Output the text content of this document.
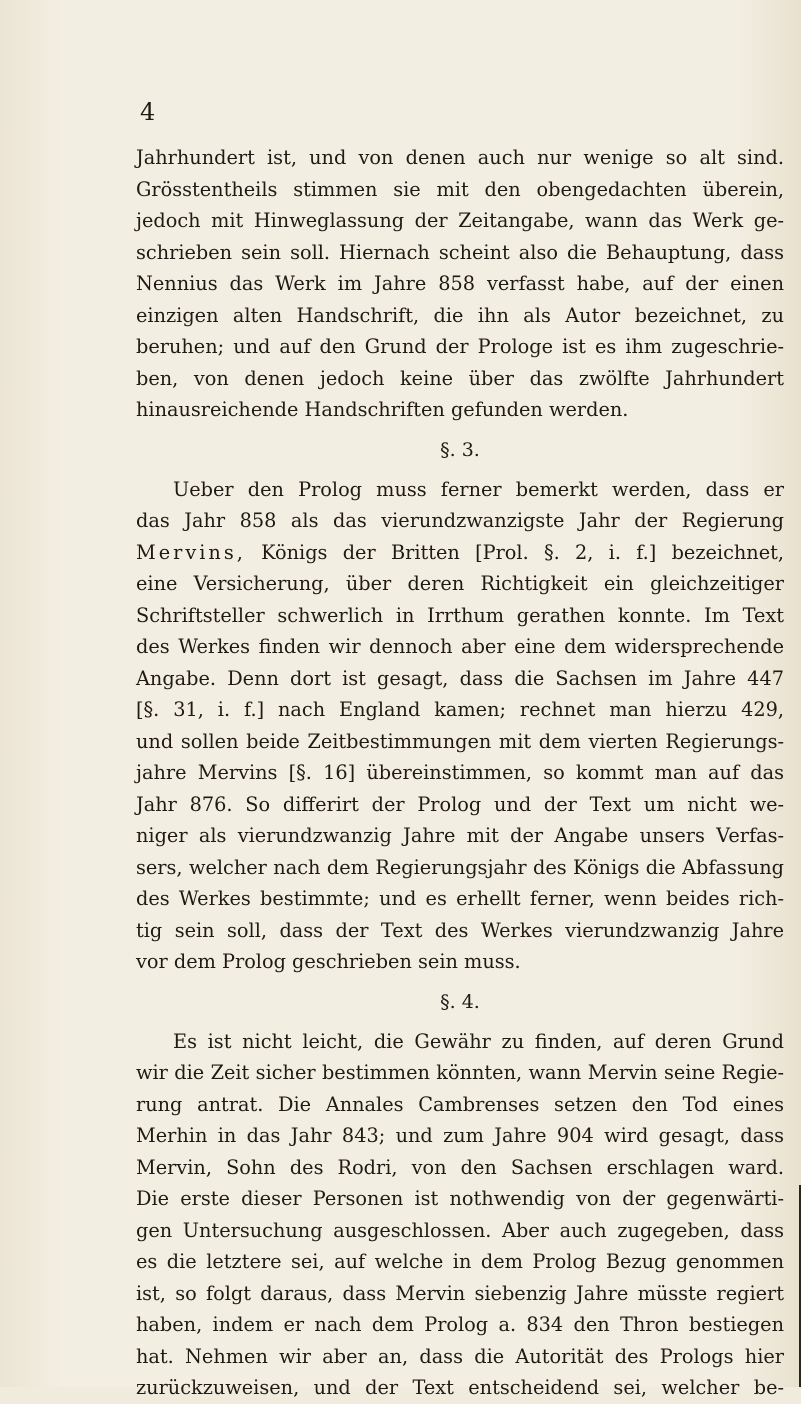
4
Jahrhundert ist, und von denen auch nur wenige so alt sind.
Grösstentheils stimmen sie mit den obengedachten überein,
jedoch mit Hinweglassung der Zeitangabe, wann das Werk ge-
schrieben sein soll. Hiernach scheint also die Behauptung, dass
Nennius das Werk im Jahre 858 verfasst habe, auf der einen
einzigen alten Handschrift, die ihn als Autor bezeichnet, zu
beruhen; und auf den Grund der Prologe ist es ihm zugeschrie-
ben, von denen jedoch keine über das zwölfte Jahrhundert
hinausreichende Handschriften gefunden werden.
§. 3.
Ueber den Prolog muss ferner bemerkt werden, dass er
das Jahr 858 als das vierundzwanzigste Jahr der Regierung
Mervins, Königs der Britten [Prol. §. 2, i. f.] bezeichnet,
eine Versicherung, über deren Richtigkeit ein gleichzeitiger
Schriftsteller schwerlich in Irrthum gerathen konnte. Im Text
des Werkes finden wir dennoch aber eine dem widersprechende
Angabe. Denn dort ist gesagt, dass die Sachsen im Jahre 447
[§. 31, i. f.] nach England kamen; rechnet man hierzu 429,
und sollen beide Zeitbestimmungen mit dem vierten Regierungs-
jahre Mervins [§. 16] übereinstimmen, so kommt man auf das
Jahr 876. So differirt der Prolog und der Text um nicht we-
niger als vierundzwanzig Jahre mit der Angabe unsers Verfas-
sers, welcher nach dem Regierungsjahr des Königs die Abfassung
des Werkes bestimmte; und es erhellt ferner, wenn beides rich-
tig sein soll, dass der Text des Werkes vierundzwanzig Jahre
vor dem Prolog geschrieben sein muss.
§. 4.
Es ist nicht leicht, die Gewähr zu finden, auf deren Grund
wir die Zeit sicher bestimmen könnten, wann Mervin seine Regie-
rung antrat. Die Annales Cambrenses setzen den Tod eines
Merhin in das Jahr 843; und zum Jahre 904 wird gesagt, dass
Mervin, Sohn des Rodri, von den Sachsen erschlagen ward.
Die erste dieser Personen ist nothwendig von der gegenwärti-
gen Untersuchung ausgeschlossen. Aber auch zugegeben, dass
es die letztere sei, auf welche in dem Prolog Bezug genommen
ist, so folgt daraus, dass Mervin siebenzig Jahre müsste regiert
haben, indem er nach dem Prolog a. 834 den Thron bestiegen
hat. Nehmen wir aber an, dass die Autorität des Prologs hier
zurückzuweisen, und der Text entscheidend sei, welcher be-
